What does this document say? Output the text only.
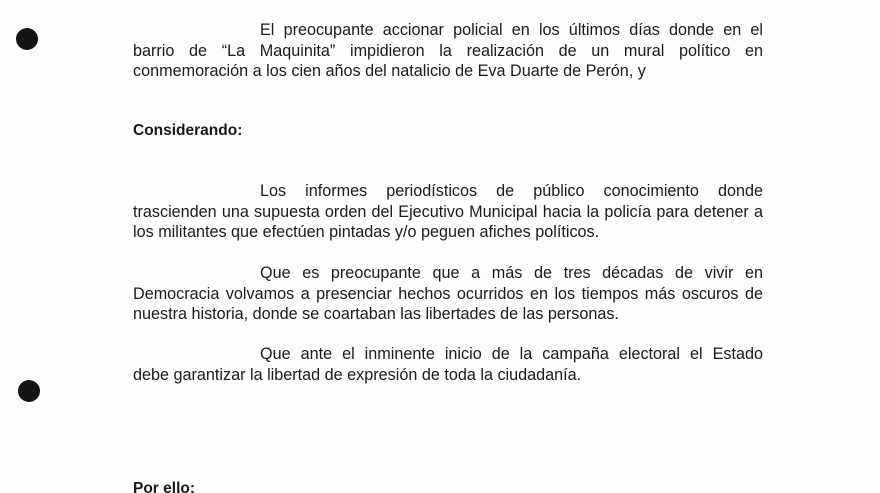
El preocupante accionar policial en los últimos días donde en el
barrio de “La Maquinita” impidieron la realización de un mural político en conmemoración a los cien años del natalicio de Eva Duarte de Perón, y

Considerando:

Los informes periodísticos de público conocimiento donde
trascienden una supuesta orden del Ejecutivo Municipal hacia la policía para detener a los militantes que efectúen pintadas y/o peguen afiches políticos.

Que es preocupante que a más de tres décadas de vivir en
Democracia volvamos a presenciar hechos ocurridos en los tiempos más oscuros de nuestra historia, donde se coartaban las libertades de las personas.

Que ante el inminente inicio de la campaña electoral el Estado
debe garantizar la libertad de expresión de toda la ciudadanía.

Por ello:
